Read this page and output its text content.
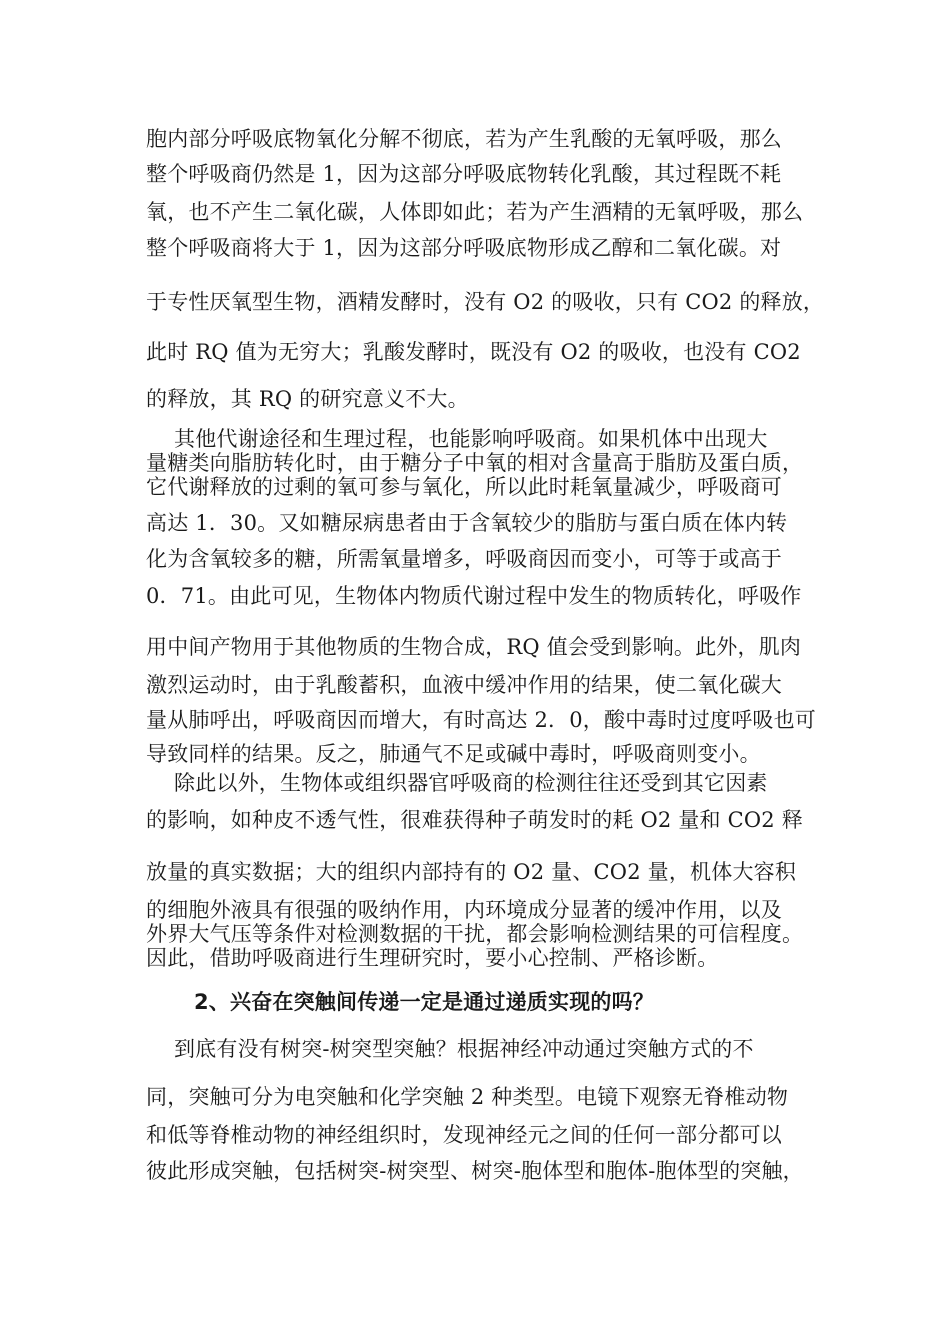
胞内部分呼吸底物氧化分解不彻底，若为产生乳酸的无氧呼吸，那么
整个呼吸商仍然是 1，因为这部分呼吸底物转化乳酸，其过程既不耗
氧，也不产生二氧化碳，人体即如此；若为产生酒精的无氧呼吸，那么
整个呼吸商将大于 1，因为这部分呼吸底物形成乙醇和二氧化碳。对
于专性厌氧型生物，酒精发酵时，没有 O2 的吸收，只有 CO2 的释放，
此时 RQ 值为无穷大；乳酸发酵时，既没有 O2 的吸收，也没有 CO2
的释放，其 RQ 的研究意义不大。
其他代谢途径和生理过程，也能影响呼吸商。如果机体中出现大
量糖类向脂肪转化时，由于糖分子中氧的相对含量高于脂肪及蛋白质，
它代谢释放的过剩的氧可参与氧化，所以此时耗氧量减少，呼吸商可
高达 1．30。又如糖尿病患者由于含氧较少的脂肪与蛋白质在体内转
化为含氧较多的糖，所需氧量增多，呼吸商因而变小，可等于或高于
0．71。由此可见，生物体内物质代谢过程中发生的物质转化，呼吸作
用中间产物用于其他物质的生物合成，RQ 值会受到影响。此外，肌肉
激烈运动时，由于乳酸蓄积，血液中缓冲作用的结果，使二氧化碳大
量从肺呼出，呼吸商因而增大，有时高达 2．0，酸中毒时过度呼吸也可
导致同样的结果。反之，肺通气不足或碱中毒时，呼吸商则变小。
除此以外，生物体或组织器官呼吸商的检测往往还受到其它因素
的影响，如种皮不透气性，很难获得种子萌发时的耗 O2 量和 CO2 释
放量的真实数据；大的组织内部持有的 O2 量、CO2 量，机体大容积
的细胞外液具有很强的吸纳作用，内环境成分显著的缓冲作用，以及
外界大气压等条件对检测数据的干扰，都会影响检测结果的可信程度。
因此，借助呼吸商进行生理研究时，要小心控制、严格诊断。
2、兴奋在突触间传递一定是通过递质实现的吗？
到底有没有树突-树突型突触？根据神经冲动通过突触方式的不
同，突触可分为电突触和化学突触 2 种类型。电镜下观察无脊椎动物
和低等脊椎动物的神经组织时，发现神经元之间的任何一部分都可以
彼此形成突触，包括树突-树突型、树突-胞体型和胞体-胞体型的突触，
